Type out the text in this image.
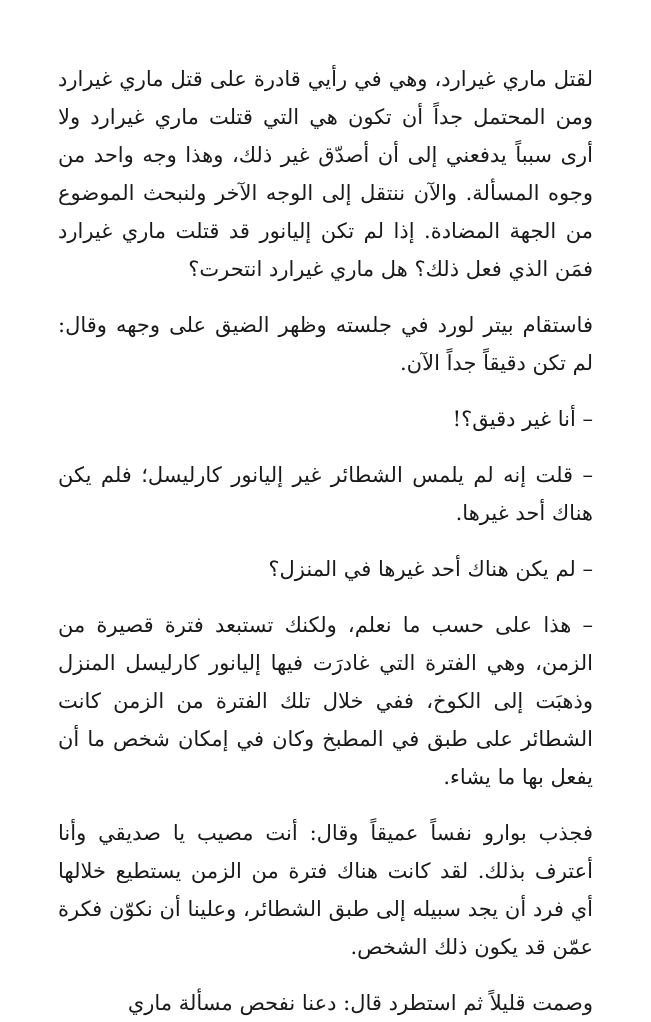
لقتل ماري غيرارد، وهي في رأيي قادرة على قتل ماري غيرارد ومن المحتمل جداً أن تكون هي التي قتلت ماري غيرارد ولا أرى سبباً يدفعني إلى أن أصدّق غير ذلك، وهذا وجه واحد من وجوه المسألة. والآن ننتقل إلى الوجه الآخر ولنبحث الموضوع من الجهة المضادة. إذا لم تكن إليانور قد قتلت ماري غيرارد فمَن الذي فعل ذلك؟ هل ماري غيرارد انتحرت؟

فاستقام بيتر لورد في جلسته وظهر الضيق على وجهه وقال: لم تكن دقيقاً جداً الآن.

– أنا غير دقيق؟!

– قلت إنه لم يلمس الشطائر غير إليانور كارليسل؛ فلم يكن هناك أحد غيرها.

– لم يكن هناك أحد غيرها في المنزل؟

– هذا على حسب ما نعلم، ولكنك تستبعد فترة قصيرة من الزمن، وهي الفترة التي غادرَت فيها إليانور كارليسل المنزل وذهبَت إلى الكوخ، ففي خلال تلك الفترة من الزمن كانت الشطائر على طبق في المطبخ وكان في إمكان شخص ما أن يفعل بها ما يشاء.

فجذب بوارو نفساً عميقاً وقال: أنت مصيب يا صديقي وأنا أعترف بذلك. لقد كانت هناك فترة من الزمن يستطيع خلالها أي فرد أن يجد سبيله إلى طبق الشطائر، وعلينا أن نكوّن فكرة عمّن قد يكون ذلك الشخص.

وصمت قليلاً ثم استطرد قال: دعنا نفحص مسألة ماري
